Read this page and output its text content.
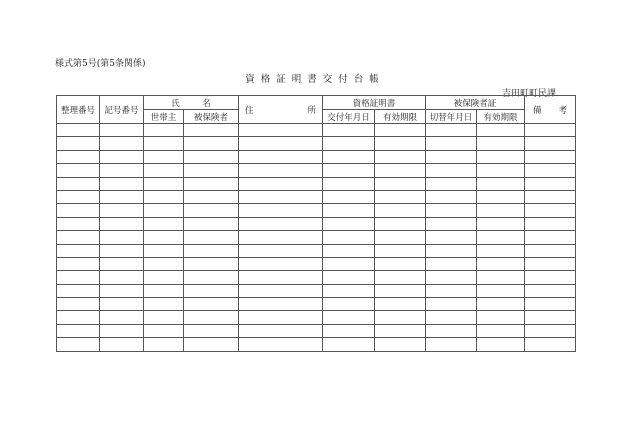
様式第5号(第5条関係)
資格証明書交付台帳
吉田町町民課
整理番号	記号番号	氏 名		住 所	資格証明書		被保険者証		備 考

		世帯主	被保険者		交付年月日	有効期限	切替年月日	有効期限	
